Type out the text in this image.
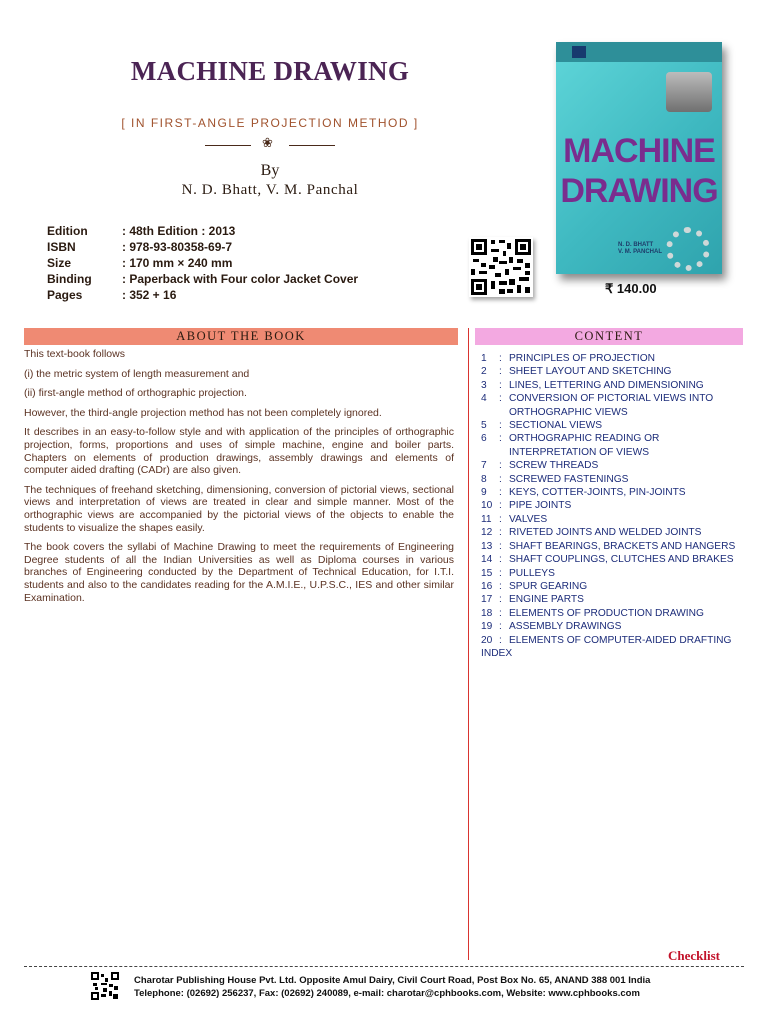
MACHINE DRAWING
[ IN FIRST-ANGLE PROJECTION METHOD ]
❀
By
N. D. Bhatt, V. M. Panchal
Edition	: 48th Edition : 2013
ISBN	: 978-93-80358-69-7
Size	: 170 mm × 240 mm
Binding	: Paperback with Four color Jacket Cover
Pages	: 352 + 16
MACHINE
DRAWING
N. D. BHATT
V. M. PANCHAL
₹ 140.00
ABOUT THE BOOK	CONTENT

This text-book follows

(i) the metric system of length measurement and

(ii) first-angle method of orthographic projection.

However, the third-angle projection method has not been completely ignored.

It describes in an easy-to-follow style and with application of the principles of orthographic projection, forms, proportions and uses of simple machine, engine and boiler parts. Chapters on elements of production drawings, assembly drawings and elements of computer aided drafting (CADr) are also given.

The techniques of freehand sketching, dimensioning, conversion of pictorial views, sectional views and interpretation of views are treated in clear and simple manner. Most of the orthographic views are accompanied by the pictorial views of the objects to enable the students to visualize the shapes easily.

The book covers the syllabi of Machine Drawing to meet the requirements of Engineering Degree students of all the Indian Universities as well as Diploma courses in various branches of Engineering conducted by the Department of Technical Education, for I.T.I. students and also to the candidates reading for the A.M.I.E., U.P.S.C., IES and other similar Examination.

1	: PRINCIPLES OF PROJECTION
2	: SHEET LAYOUT AND SKETCHING
3	: LINES, LETTERING AND DIMENSIONING
4	: CONVERSION OF PICTORIAL VIEWS INTO ORTHOGRAPHIC VIEWS
5	: SECTIONAL VIEWS
6	: ORTHOGRAPHIC READING OR INTERPRETATION OF VIEWS
7	: SCREW THREADS
8	: SCREWED FASTENINGS
9	: KEYS, COTTER-JOINTS, PIN-JOINTS
10 : PIPE JOINTS
11 : VALVES
12 : RIVETED JOINTS AND WELDED JOINTS
13 : SHAFT BEARINGS, BRACKETS AND HANGERS
14 : SHAFT COUPLINGS, CLUTCHES AND BRAKES
15 : PULLEYS
16 : SPUR GEARING
17 : ENGINE PARTS
18 : ELEMENTS OF PRODUCTION DRAWING
19 : ASSEMBLY DRAWINGS
20 : ELEMENTS OF COMPUTER-AIDED DRAFTING
INDEX
Checklist
Charotar Publishing House Pvt. Ltd. Opposite Amul Dairy, Civil Court Road, Post Box No. 65, ANAND 388 001 India
Telephone: (02692) 256237, Fax: (02692) 240089, e-mail: charotar@cphbooks.com, Website: www.cphbooks.com
